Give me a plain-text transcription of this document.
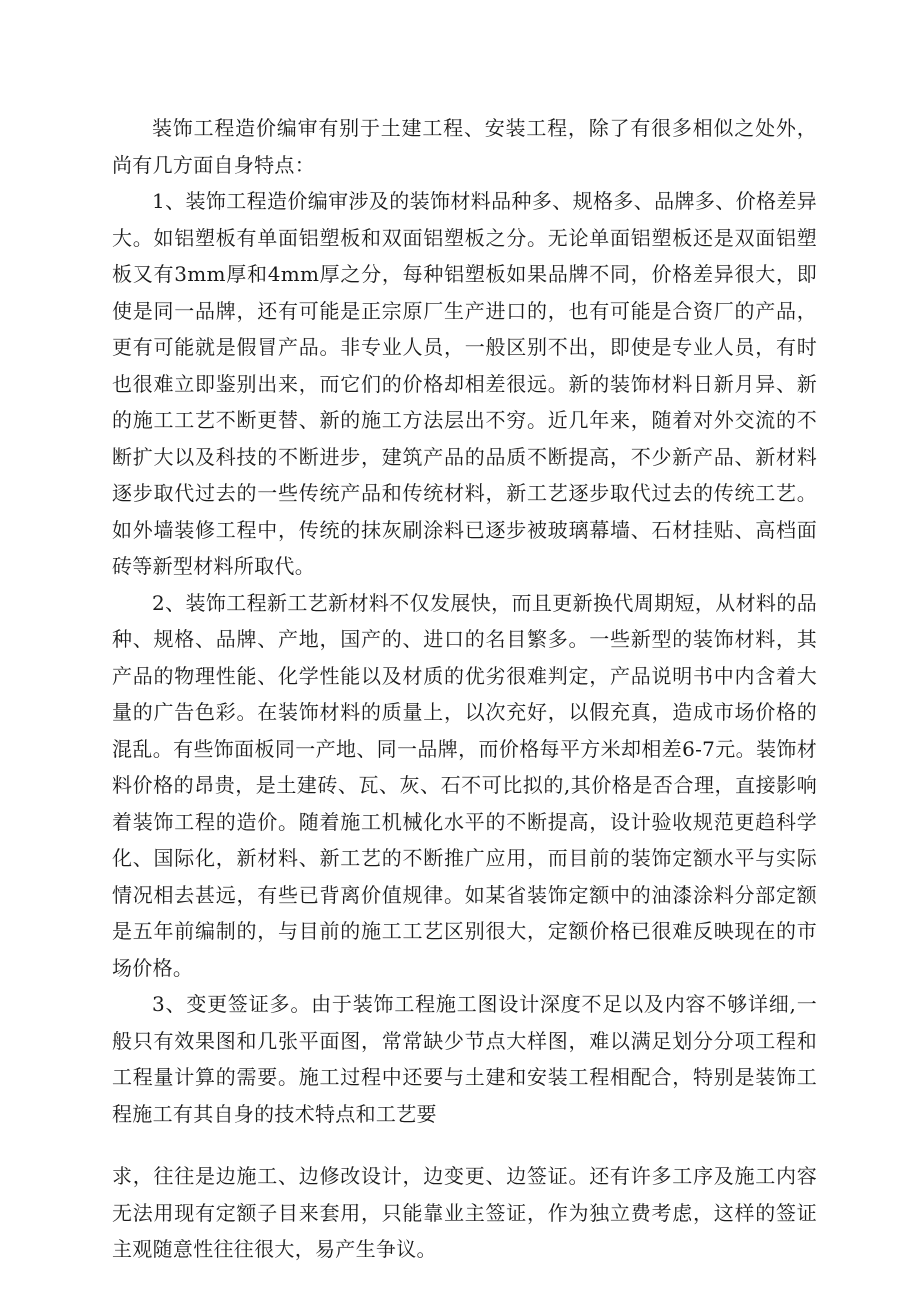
装饰工程造价编审有别于土建工程、安装工程，除了有很多相似之处外，尚有几方面自身特点：

1、装饰工程造价编审涉及的装饰材料品种多、规格多、品牌多、价格差异大。如铝塑板有单面铝塑板和双面铝塑板之分。无论单面铝塑板还是双面铝塑板又有3mm厚和4mm厚之分，每种铝塑板如果品牌不同，价格差异很大，即使是同一品牌，还有可能是正宗原厂生产进口的，也有可能是合资厂的产品，更有可能就是假冒产品。非专业人员，一般区别不出，即使是专业人员，有时也很难立即鉴别出来，而它们的价格却相差很远。新的装饰材料日新月异、新的施工工艺不断更替、新的施工方法层出不穷。近几年来，随着对外交流的不断扩大以及科技的不断进步，建筑产品的品质不断提高，不少新产品、新材料逐步取代过去的一些传统产品和传统材料，新工艺逐步取代过去的传统工艺。如外墙装修工程中，传统的抹灰刷涂料已逐步被玻璃幕墙、石材挂贴、高档面砖等新型材料所取代。

2、装饰工程新工艺新材料不仅发展快，而且更新换代周期短，从材料的品种、规格、品牌、产地，国产的、进口的名目繁多。一些新型的装饰材料，其产品的物理性能、化学性能以及材质的优劣很难判定，产品说明书中内含着大量的广告色彩。在装饰材料的质量上，以次充好，以假充真，造成市场价格的混乱。有些饰面板同一产地、同一品牌，而价格每平方米却相差6-7元。装饰材料价格的昂贵，是土建砖、瓦、灰、石不可比拟的,其价格是否合理，直接影响着装饰工程的造价。随着施工机械化水平的不断提高，设计验收规范更趋科学化、国际化，新材料、新工艺的不断推广应用，而目前的装饰定额水平与实际情况相去甚远，有些已背离价值规律。如某省装饰定额中的油漆涂料分部定额是五年前编制的，与目前的施工工艺区别很大，定额价格已很难反映现在的市场价格。

3、变更签证多。由于装饰工程施工图设计深度不足以及内容不够详细,一般只有效果图和几张平面图，常常缺少节点大样图，难以满足划分分项工程和工程量计算的需要。施工过程中还要与土建和安装工程相配合，特别是装饰工程施工有其自身的技术特点和工艺要

求，往往是边施工、边修改设计，边变更、边签证。还有许多工序及施工内容无法用现有定额子目来套用，只能靠业主签证，作为独立费考虑，这样的签证主观随意性往往很大，易产生争议。
